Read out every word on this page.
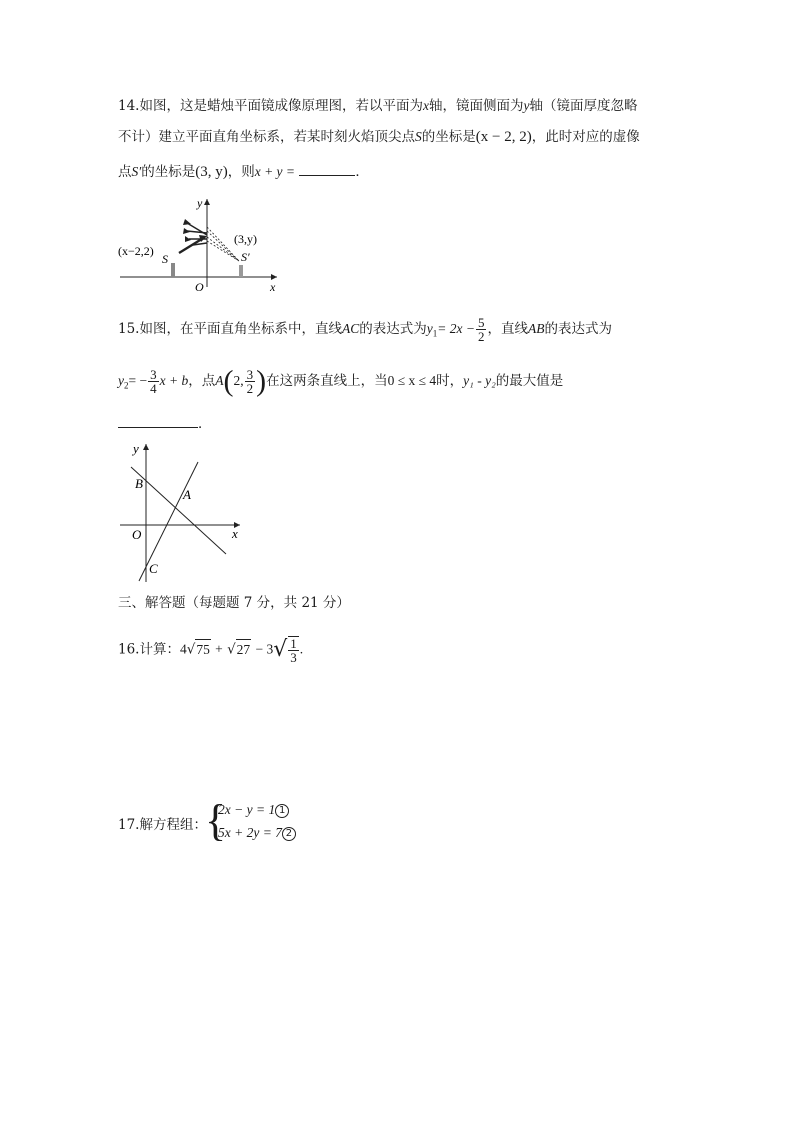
14.如图，这是蜡烛平面镜成像原理图，若以平面为x轴，镜面侧面为y轴（镜面厚度忽略
不计）建立平面直角坐标系，若某时刻火焰顶尖点S的坐标是(x − 2, 2)，此时对应的虚像
点S′的坐标是(3, y)，则x + y =	．
y
x
O
(x−2,2)
S
(3,y)
S′
15.如图，在平面直角坐标系中，直线AC的表达式为$y_1= 2x - \frac{5}{2}$ ，直线AB的表达式为
$y_2= - \frac{3}{4}$ x + b，点A(2, $\frac{3}{2}$ )在这两条直线上，当0 ≤ x ≤ 4时，y₁ - y₂的最大值是
．
y
x
O
B
A
C
三、解答题（每题题 7 分，共 21 分）
16.计算：$4√75 + √27 - 3√ \frac{1}{3}$ .
17.解方程组：
{
2x − y = 1 1
5x + 2y = 7 2
